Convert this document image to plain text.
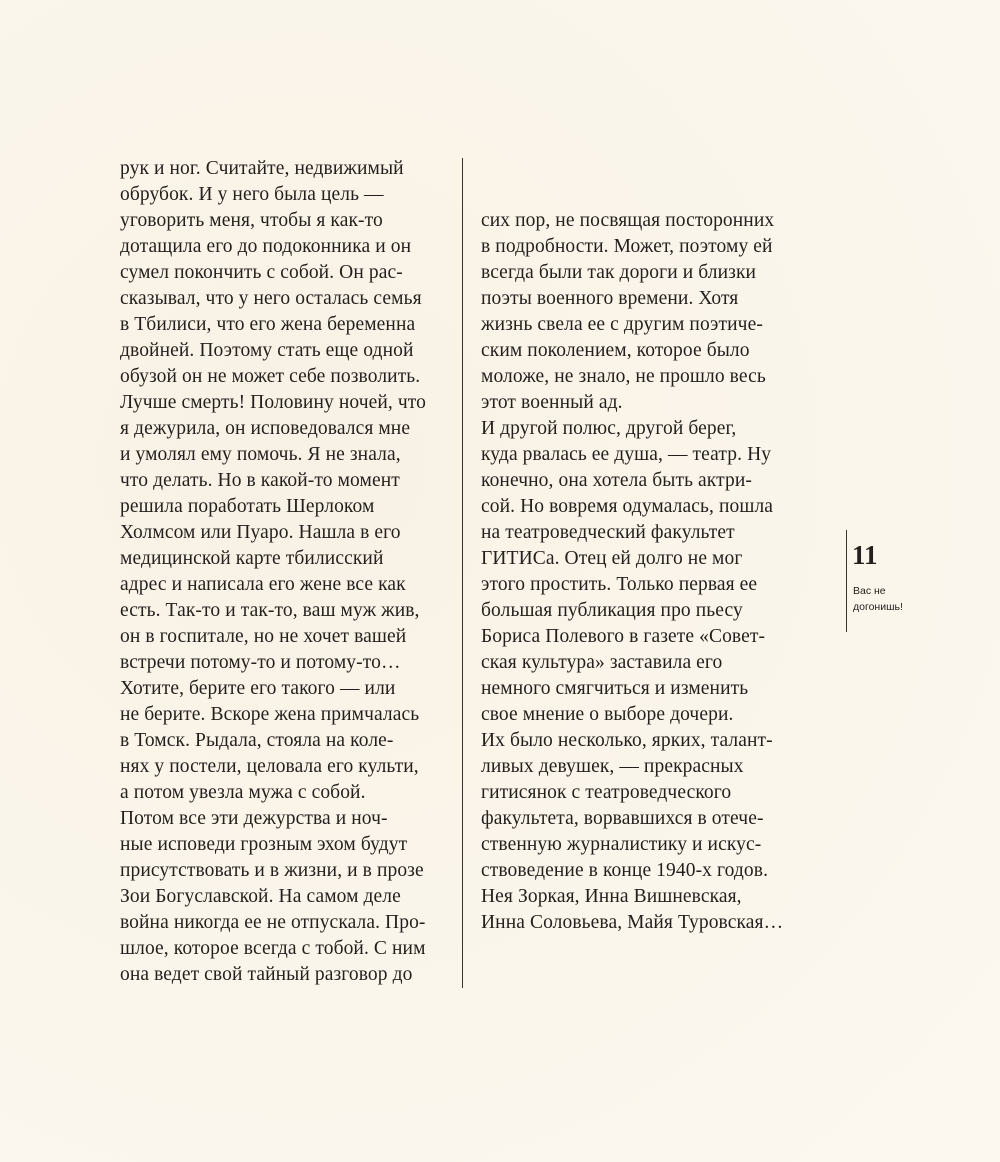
рук и ног. Считайте, недвижимый
обрубок. И у него была цель —
уговорить меня, чтобы я как-то
дотащила его до подоконника и он
сумел покончить с собой. Он рас-
сказывал, что у него осталась семья
в Тбилиси, что его жена беременна
двойней. Поэтому стать еще одной
обузой он не может себе позволить.
Лучше смерть! Половину ночей, что
я дежурила, он исповедовался мне
и умолял ему помочь. Я не знала,
что делать. Но в какой-то момент
решила поработать Шерлоком
Холмсом или Пуаро. Нашла в его
медицинской карте тбилисский
адрес и написала его жене все как
есть. Так-то и так-то, ваш муж жив,
он в госпитале, но не хочет вашей
встречи потому-то и потому-то…
Хотите, берите его такого — или
не берите. Вскоре жена примчалась
в Томск. Рыдала, стояла на коле-
нях у постели, целовала его культи,
а потом увезла мужа с собой.
Потом все эти дежурства и ноч-
ные исповеди грозным эхом будут
присутствовать и в жизни, и в прозе
Зои Богуславской. На самом деле
война никогда ее не отпускала. Про-
шлое, которое всегда с тобой. С ним
она ведет свой тайный разговор до
сих пор, не посвящая посторонних
в подробности. Может, поэтому ей
всегда были так дороги и близки
поэты военного времени. Хотя
жизнь свела ее с другим поэтиче-
ским поколением, которое было
моложе, не знало, не прошло весь
этот военный ад.
И другой полюс, другой берег,
куда рвалась ее душа, — театр. Ну
конечно, она хотела быть актри-
сой. Но вовремя одумалась, пошла
на театроведческий факультет
ГИТИСа. Отец ей долго не мог
этого простить. Только первая ее
большая публикация про пьесу
Бориса Полевого в газете «Совет-
ская культура» заставила его
немного смягчиться и изменить
свое мнение о выборе дочери.
Их было несколько, ярких, талант-
ливых девушек, — прекрасных
гитисянок с театроведческого
факультета, ворвавшихся в отече-
ственную журналистику и искус-
ствоведение в конце 1940-х годов.
Нея Зоркая, Инна Вишневская,
Инна Соловьева, Майя Туровская…
11
Вас не
догонишь!
